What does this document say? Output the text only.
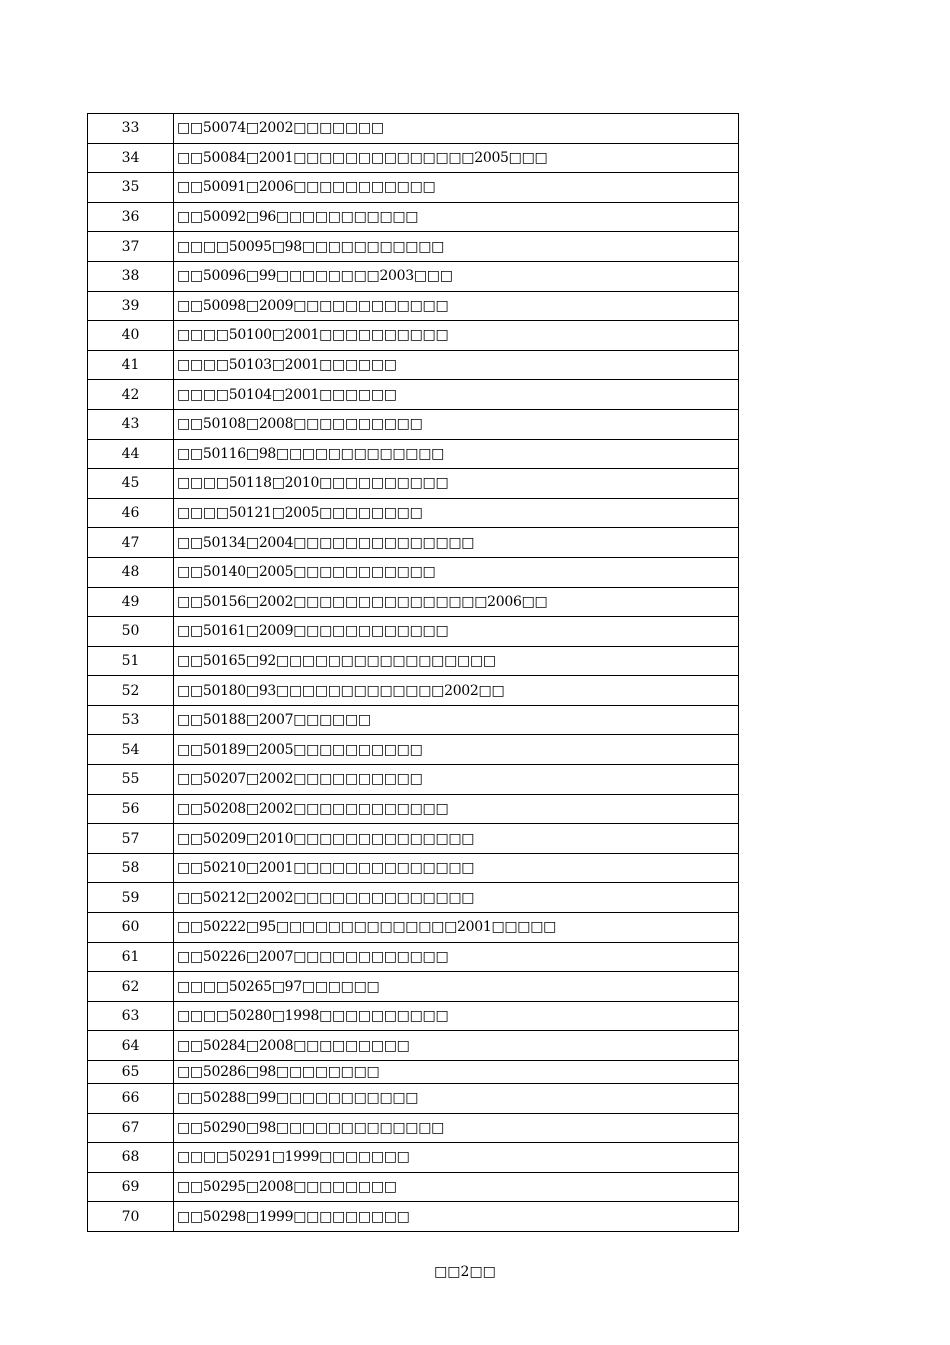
33	□□50074□2002□□□□□□□
34	□□50084□2001□□□□□□□□□□□□□□2005□□□
35	□□50091□2006□□□□□□□□□□□
36	□□50092□96□□□□□□□□□□□
37	□□□□50095□98□□□□□□□□□□□
38	□□50096□99□□□□□□□□2003□□□
39	□□50098□2009□□□□□□□□□□□□
40	□□□□50100□2001□□□□□□□□□□
41	□□□□50103□2001□□□□□□
42	□□□□50104□2001□□□□□□
43	□□50108□2008□□□□□□□□□□
44	□□50116□98□□□□□□□□□□□□□
45	□□□□50118□2010□□□□□□□□□□
46	□□□□50121□2005□□□□□□□□
47	□□50134□2004□□□□□□□□□□□□□□
48	□□50140□2005□□□□□□□□□□□
49	□□50156□2002□□□□□□□□□□□□□□□2006□□
50	□□50161□2009□□□□□□□□□□□□
51	□□50165□92□□□□□□□□□□□□□□□□□
52	□□50180□93□□□□□□□□□□□□□2002□□
53	□□50188□2007□□□□□□
54	□□50189□2005□□□□□□□□□□
55	□□50207□2002□□□□□□□□□□
56	□□50208□2002□□□□□□□□□□□□
57	□□50209□2010□□□□□□□□□□□□□□
58	□□50210□2001□□□□□□□□□□□□□□
59	□□50212□2002□□□□□□□□□□□□□□
60	□□50222□95□□□□□□□□□□□□□□2001□□□□□
61	□□50226□2007□□□□□□□□□□□□
62	□□□□50265□97□□□□□□
63	□□□□50280□1998□□□□□□□□□□
64	□□50284□2008□□□□□□□□□
65	□□50286□98□□□□□□□□
66	□□50288□99□□□□□□□□□□□
67	□□50290□98□□□□□□□□□□□□□
68	□□□□50291□1999□□□□□□□
69	□□50295□2008□□□□□□□□
70	□□50298□1999□□□□□□□□□
□□2□□
